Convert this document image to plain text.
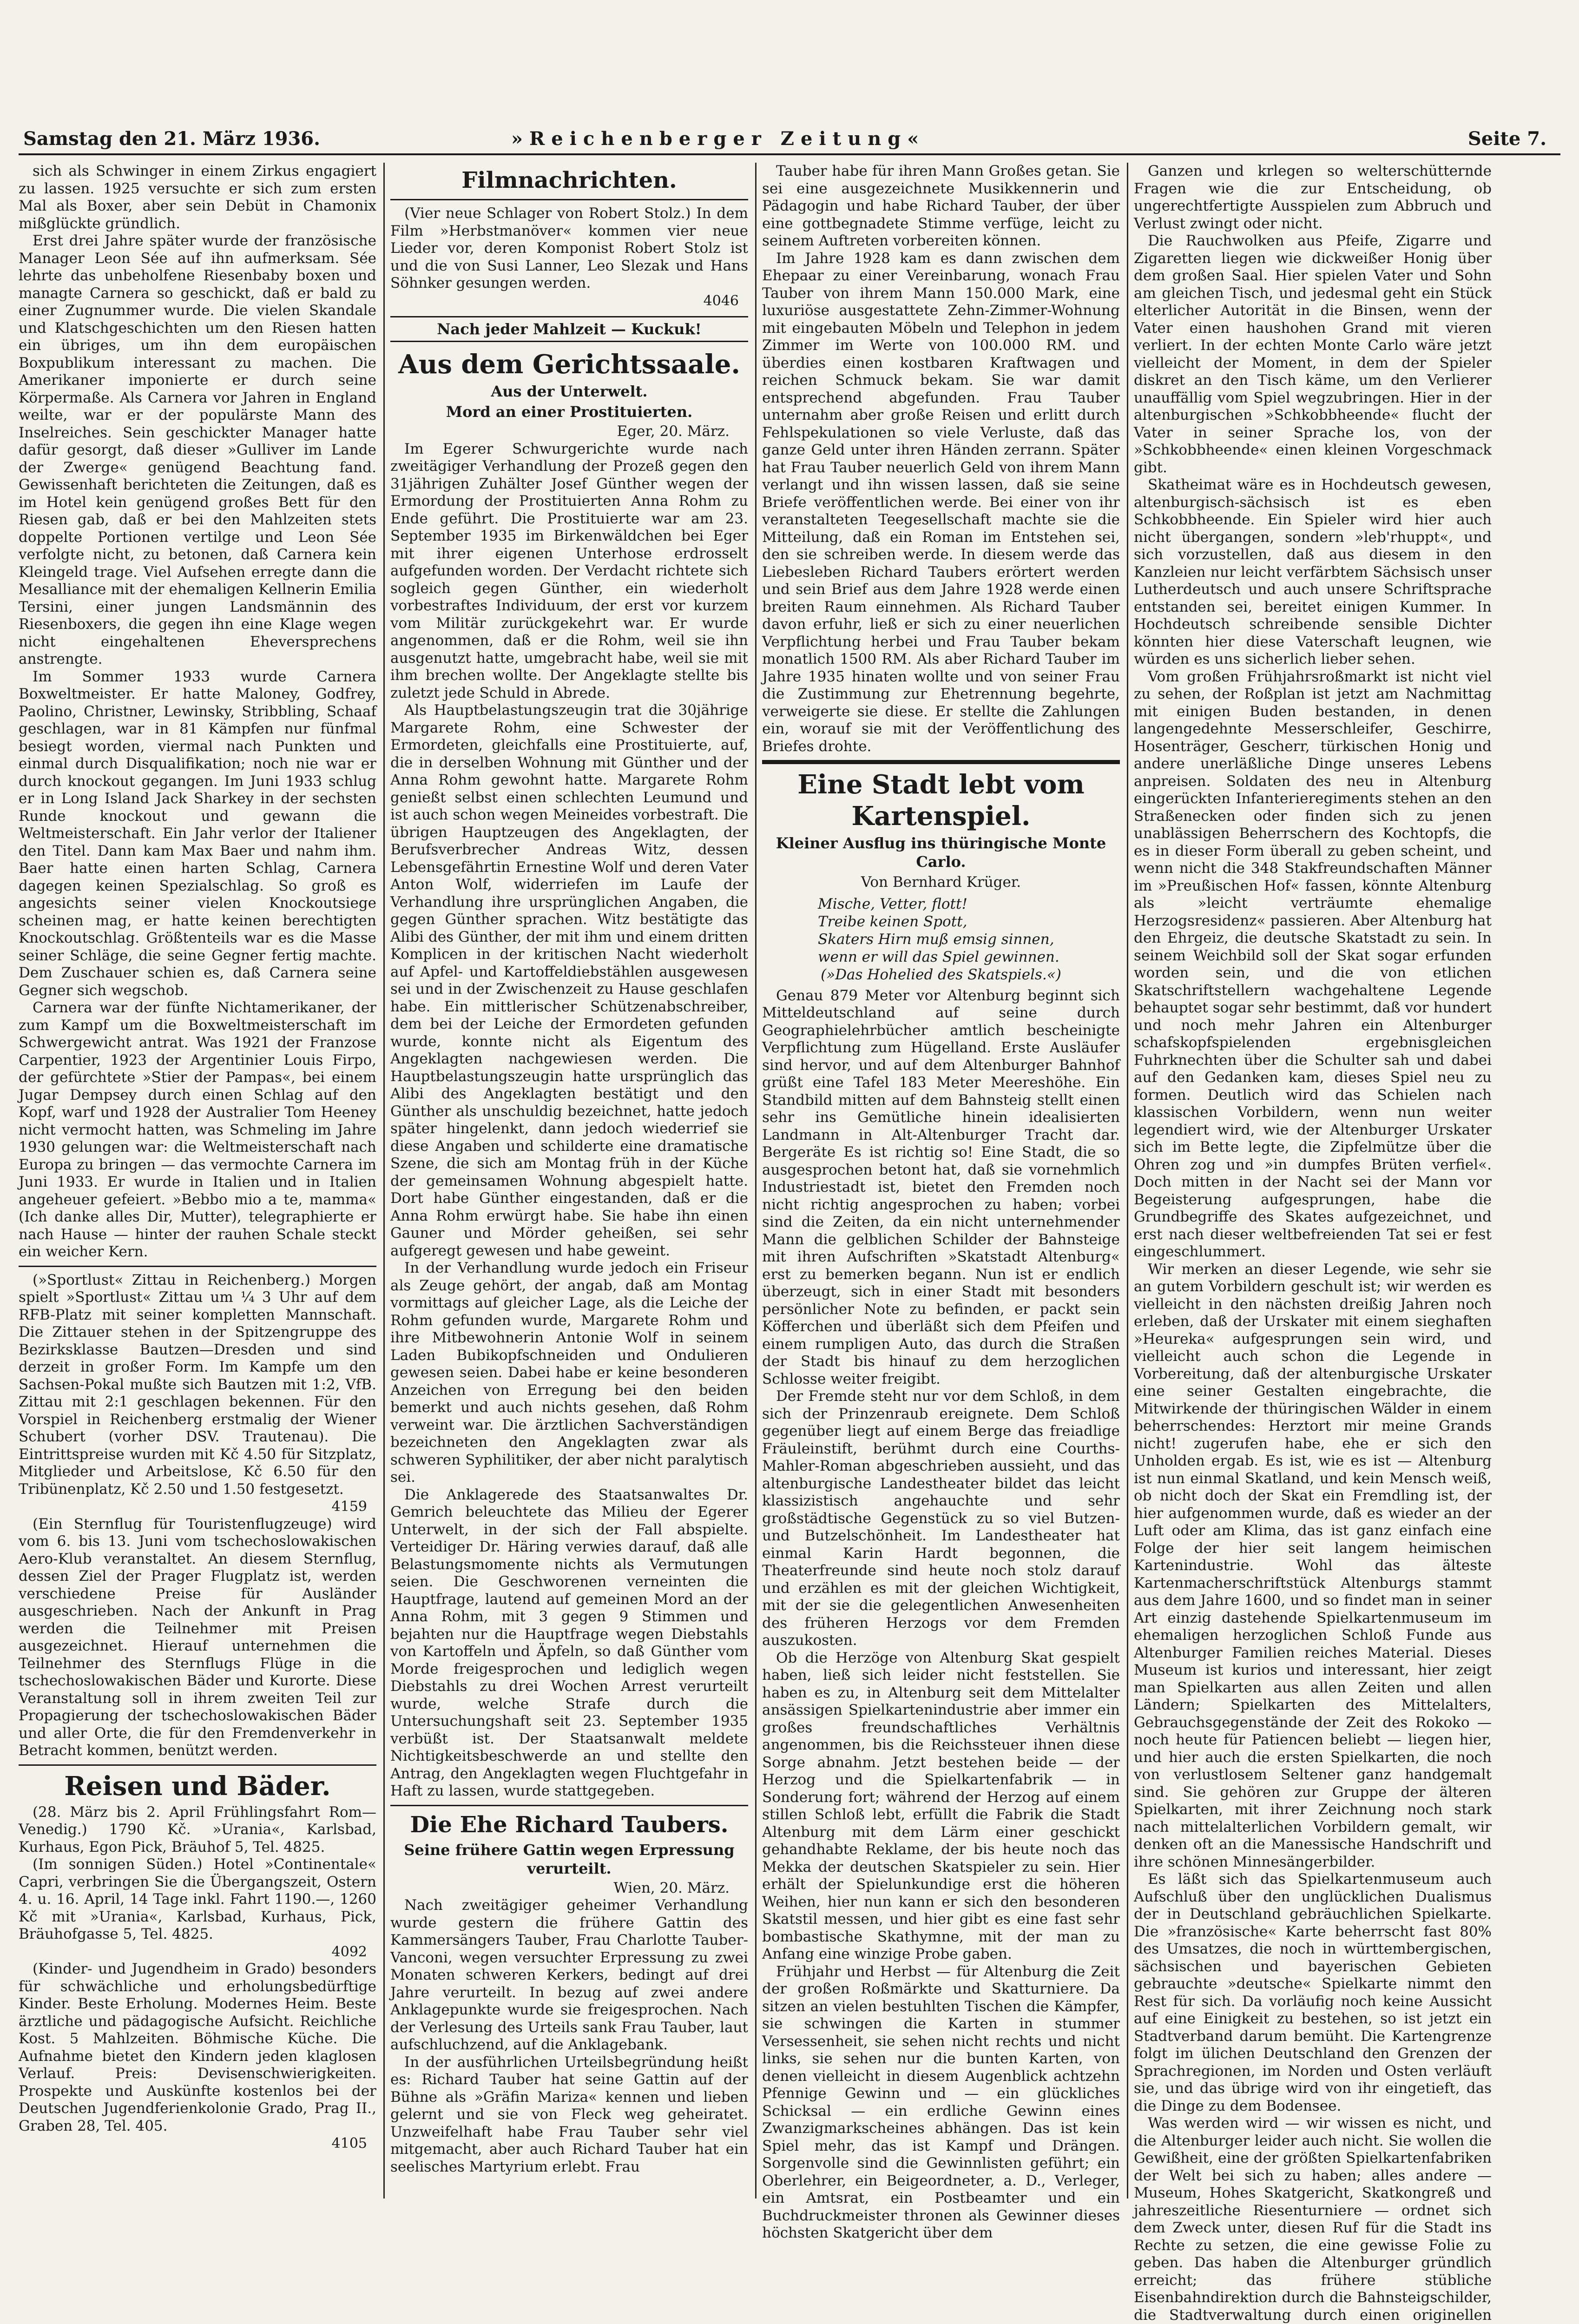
Samstag den 21. März 1936.	»Reichenberger Zeitung«	Seite 7.

sich als Schwinger in einem Zirkus engagiert zu lassen. 1925 versuchte er sich zum ersten Mal als Boxer, aber sein Debüt in Chamonix mißglückte gründlich.

Erst drei Jahre später wurde der französische Manager Leon Sée auf ihn aufmerksam. Sée lehrte das unbeholfene Riesenbaby boxen und managte Carnera so geschickt, daß er bald zu einer Zugnummer wurde. Die vielen Skandale und Klatschgeschichten um den Riesen hatten ein übriges, um ihn dem europäischen Boxpublikum interessant zu machen. Die Amerikaner imponierte er durch seine Körpermaße. Als Carnera vor Jahren in England weilte, war er der populärste Mann des Inselreiches. Sein geschickter Manager hatte dafür gesorgt, daß dieser »Gulliver im Lande der Zwerge« genügend Beachtung fand. Gewissenhaft berichteten die Zeitungen, daß es im Hotel kein genügend großes Bett für den Riesen gab, daß er bei den Mahlzeiten stets doppelte Portionen vertilge und Leon Sée verfolgte nicht, zu betonen, daß Carnera kein Kleingeld trage. Viel Aufsehen erregte dann die Mesalliance mit der ehemaligen Kellnerin Emilia Tersini, einer jungen Landsmännin des Riesenboxers, die gegen ihn eine Klage wegen nicht eingehaltenen Eheversprechens anstrengte.

Im Sommer 1933 wurde Carnera Boxweltmeister. Er hatte Maloney, Godfrey, Paolino, Christner, Lewinsky, Stribbling, Schaaf geschlagen, war in 81 Kämpfen nur fünfmal besiegt worden, viermal nach Punkten und einmal durch Disqualifikation; noch nie war er durch knockout gegangen. Im Juni 1933 schlug er in Long Island Jack Sharkey in der sechsten Runde knockout und gewann die Weltmeisterschaft. Ein Jahr verlor der Italiener den Titel. Dann kam Max Baer und nahm ihm. Baer hatte einen harten Schlag, Carnera dagegen keinen Spezialschlag. So groß es angesichts seiner vielen Knockoutsiege scheinen mag, er hatte keinen berechtigten Knockoutschlag. Größtenteils war es die Masse seiner Schläge, die seine Gegner fertig machte. Dem Zuschauer schien es, daß Carnera seine Gegner sich wegschob.

Carnera war der fünfte Nichtamerikaner, der zum Kampf um die Boxweltmeisterschaft im Schwergewicht antrat. Was 1921 der Franzose Carpentier, 1923 der Argentinier Louis Firpo, der gefürchtete »Stier der Pampas«, bei einem Jugar Dempsey durch einen Schlag auf den Kopf, warf und 1928 der Australier Tom Heeney nicht vermocht hatten, was Schmeling im Jahre 1930 gelungen war: die Weltmeisterschaft nach Europa zu bringen — das vermochte Carnera im Juni 1933. Er wurde in Italien und in Italien angeheuer gefeiert. »Bebbo mio a te, mamma« (Ich danke alles Dir, Mutter), telegraphierte er nach Hause — hinter der rauhen Schale steckt ein weicher Kern.

(»Sportlust« Zittau in Reichenberg.) Morgen spielt »Sportlust« Zittau um ¼ 3 Uhr auf dem RFB-Platz mit seiner kompletten Mannschaft. Die Zittauer stehen in der Spitzengruppe des Bezirksklasse Bautzen—Dresden und sind derzeit in großer Form. Im Kampfe um den Sachsen-Pokal mußte sich Bautzen mit 1:2, VfB. Zittau mit 2:1 geschlagen bekennen. Für den Vorspiel in Reichenberg erstmalig der Wiener Schubert (vorher DSV. Trautenau). Die Eintrittspreise wurden mit Kč 4.50 für Sitzplatz, Mitglieder und Arbeitslose, Kč 6.50 für den Tribünenplatz, Kč 2.50 und 1.50 festgesetzt.

4159

(Ein Sternflug für Touristenflugzeuge) wird vom 6. bis 13. Juni vom tschechoslowakischen Aero-Klub veranstaltet. An diesem Sternflug, dessen Ziel der Prager Flugplatz ist, werden verschiedene Preise für Ausländer ausgeschrieben. Nach der Ankunft in Prag werden die Teilnehmer mit Preisen ausgezeichnet. Hierauf unternehmen die Teilnehmer des Sternflugs Flüge in die tschechoslowakischen Bäder und Kurorte. Diese Veranstaltung soll in ihrem zweiten Teil zur Propagierung der tschechoslowakischen Bäder und aller Orte, die für den Fremdenverkehr in Betracht kommen, benützt werden.

Reisen und Bäder.

(28. März bis 2. April Frühlingsfahrt Rom—Venedig.) 1790 Kč. »Urania«, Karlsbad, Kurhaus, Egon Pick, Bräuhof 5, Tel. 4825.

(Im sonnigen Süden.) Hotel »Continentale« Capri, verbringen Sie die Übergangszeit, Ostern 4. u. 16. April, 14 Tage inkl. Fahrt 1190.—, 1260 Kč mit »Urania«, Karlsbad, Kurhaus, Pick, Bräuhofgasse 5, Tel. 4825.

4092

(Kinder- und Jugendheim in Grado) besonders für schwächliche und erholungsbedürftige Kinder. Beste Erholung. Modernes Heim. Beste ärztliche und pädagogische Aufsicht. Reichliche Kost. 5 Mahlzeiten. Böhmische Küche. Die Aufnahme bietet den Kindern jeden klaglosen Verlauf. Preis: Devisenschwierigkeiten. Prospekte und Auskünfte kostenlos bei der Deutschen Jugendferienkolonie Grado, Prag II., Graben 28, Tel. 405.

4105
Filmnachrichten.

(Vier neue Schlager von Robert Stolz.) In dem Film »Herbstmanöver« kommen vier neue Lieder vor, deren Komponist Robert Stolz ist und die von Susi Lanner, Leo Slezak und Hans Söhnker gesungen werden.

4046
Nach jeder Mahlzeit — Kuckuk!
Aus dem Gerichtssaale.
Aus der Unterwelt.
Mord an einer Prostituierten.
Eger, 20. März.

Im Egerer Schwurgerichte wurde nach zweitägiger Verhandlung der Prozeß gegen den 31jährigen Zuhälter Josef Günther wegen der Ermordung der Prostituierten Anna Rohm zu Ende geführt. Die Prostituierte war am 23. September 1935 im Birkenwäldchen bei Eger mit ihrer eigenen Unterhose erdrosselt aufgefunden worden. Der Verdacht richtete sich sogleich gegen Günther, ein wiederholt vorbestraftes Individuum, der erst vor kurzem vom Militär zurückgekehrt war. Er wurde angenommen, daß er die Rohm, weil sie ihn ausgenutzt hatte, umgebracht habe, weil sie mit ihm brechen wollte. Der Angeklagte stellte bis zuletzt jede Schuld in Abrede.

Als Hauptbelastungszeugin trat die 30jährige Margarete Rohm, eine Schwester der Ermordeten, gleichfalls eine Prostituierte, auf, die in derselben Wohnung mit Günther und der Anna Rohm gewohnt hatte. Margarete Rohm genießt selbst einen schlechten Leumund und ist auch schon wegen Meineides vorbestraft. Die übrigen Hauptzeugen des Angeklagten, der Berufsverbrecher Andreas Witz, dessen Lebensgefährtin Ernestine Wolf und deren Vater Anton Wolf, widerriefen im Laufe der Verhandlung ihre ursprünglichen Angaben, die gegen Günther sprachen. Witz bestätigte das Alibi des Günther, der mit ihm und einem dritten Komplicen in der kritischen Nacht wiederholt auf Apfel- und Kartoffeldiebstählen ausgewesen sei und in der Zwischenzeit zu Hause geschlafen habe. Ein mittlerischer Schützenabschreiber, dem bei der Leiche der Ermordeten gefunden wurde, konnte nicht als Eigentum des Angeklagten nachgewiesen werden. Die Hauptbelastungszeugin hatte ursprünglich das Alibi des Angeklagten bestätigt und den Günther als unschuldig bezeichnet, hatte jedoch später hingelenkt, dann jedoch wiederrief sie diese Angaben und schilderte eine dramatische Szene, die sich am Montag früh in der Küche der gemeinsamen Wohnung abgespielt hatte. Dort habe Günther eingestanden, daß er die Anna Rohm erwürgt habe. Sie habe ihn einen Gauner und Mörder geheißen, sei sehr aufgeregt gewesen und habe geweint.

In der Verhandlung wurde jedoch ein Friseur als Zeuge gehört, der angab, daß am Montag vormittags auf gleicher Lage, als die Leiche der Rohm gefunden wurde, Margarete Rohm und ihre Mitbewohnerin Antonie Wolf in seinem Laden Bubikopfschneiden und Ondulieren gewesen seien. Dabei habe er keine besonderen Anzeichen von Erregung bei den beiden bemerkt und auch nichts gesehen, daß Rohm verweint war. Die ärztlichen Sachverständigen bezeichneten den Angeklagten zwar als schweren Syphilitiker, der aber nicht paralytisch sei.

Die Anklagerede des Staatsanwaltes Dr. Gemrich beleuchtete das Milieu der Egerer Unterwelt, in der sich der Fall abspielte. Verteidiger Dr. Häring verwies darauf, daß alle Belastungsmomente nichts als Vermutungen seien. Die Geschworenen verneinten die Hauptfrage, lautend auf gemeinen Mord an der Anna Rohm, mit 3 gegen 9 Stimmen und bejahten nur die Hauptfrage wegen Diebstahls von Kartoffeln und Äpfeln, so daß Günther vom Morde freigesprochen und lediglich wegen Diebstahls zu drei Wochen Arrest verurteilt wurde, welche Strafe durch die Untersuchungshaft seit 23. September 1935 verbüßt ist. Der Staatsanwalt meldete Nichtigkeitsbeschwerde an und stellte den Antrag, den Angeklagten wegen Fluchtgefahr in Haft zu lassen, wurde stattgegeben.

Die Ehe Richard Taubers.
Seine frühere Gattin wegen Erpressung verurteilt.
Wien, 20. März.

Nach zweitägiger geheimer Verhandlung wurde gestern die frühere Gattin des Kammersängers Tauber, Frau Charlotte Tauber-Vanconi, wegen versuchter Erpressung zu zwei Monaten schweren Kerkers, bedingt auf drei Jahre verurteilt. In bezug auf zwei andere Anklagepunkte wurde sie freigesprochen. Nach der Verlesung des Urteils sank Frau Tauber, laut aufschluchzend, auf die Anklagebank.

In der ausführlichen Urteilsbegründung heißt es: Richard Tauber hat seine Gattin auf der Bühne als »Gräfin Mariza« kennen und lieben gelernt und sie von Fleck weg geheiratet. Unzweifelhaft habe Frau Tauber sehr viel mitgemacht, aber auch Richard Tauber hat ein seelisches Martyrium erlebt. Frau

Tauber habe für ihren Mann Großes getan. Sie sei eine ausgezeichnete Musikkennerin und Pädagogin und habe Richard Tauber, der über eine gottbegnadete Stimme verfüge, leicht zu seinem Auftreten vorbereiten können.

Im Jahre 1928 kam es dann zwischen dem Ehepaar zu einer Vereinbarung, wonach Frau Tauber von ihrem Mann 150.000 Mark, eine luxuriöse ausgestattete Zehn-Zimmer-Wohnung mit eingebauten Möbeln und Telephon in jedem Zimmer im Werte von 100.000 RM. und überdies einen kostbaren Kraftwagen und reichen Schmuck bekam. Sie war damit entsprechend abgefunden. Frau Tauber unternahm aber große Reisen und erlitt durch Fehlspekulationen so viele Verluste, daß das ganze Geld unter ihren Händen zerrann. Später hat Frau Tauber neuerlich Geld von ihrem Mann verlangt und ihn wissen lassen, daß sie seine Briefe veröffentlichen werde. Bei einer von ihr veranstalteten Teegesellschaft machte sie die Mitteilung, daß ein Roman im Entstehen sei, den sie schreiben werde. In diesem werde das Liebesleben Richard Taubers erörtert werden und sein Brief aus dem Jahre 1928 werde einen breiten Raum einnehmen. Als Richard Tauber davon erfuhr, ließ er sich zu einer neuerlichen Verpflichtung herbei und Frau Tauber bekam monatlich 1500 RM. Als aber Richard Tauber im Jahre 1935 hinaten wollte und von seiner Frau die Zustimmung zur Ehetrennung begehrte, verweigerte sie diese. Er stellte die Zahlungen ein, worauf sie mit der Veröffentlichung des Briefes drohte.

Eine Stadt lebt vom Kartenspiel.
Kleiner Ausflug ins thüringische Monte Carlo.
Von Bernhard Krüger.
Mische, Vetter, flott!
Treibe keinen Spott,
Skaters Hirn muß emsig sinnen,
wenn er will das Spiel gewinnen.
(»Das Hohelied des Skatspiels.«)

Genau 879 Meter vor Altenburg beginnt sich Mitteldeutschland auf seine durch Geographielehrbücher amtlich bescheinigte Verpflichtung zum Hügelland. Erste Ausläufer sind hervor, und auf dem Altenburger Bahnhof grüßt eine Tafel 183 Meter Meereshöhe. Ein Standbild mitten auf dem Bahnsteig stellt einen sehr ins Gemütliche hinein idealisierten Landmann in Alt-Altenburger Tracht dar. Bergeräte Es ist richtig so! Eine Stadt, die so ausgesprochen betont hat, daß sie vornehmlich Industriestadt ist, bietet den Fremden noch nicht richtig angesprochen zu haben; vorbei sind die Zeiten, da ein nicht unternehmender Mann die gelblichen Schilder der Bahnsteige mit ihren Aufschriften »Skatstadt Altenburg« erst zu bemerken begann. Nun ist er endlich überzeugt, sich in einer Stadt mit besonders persönlicher Note zu befinden, er packt sein Köfferchen und überläßt sich dem Pfeifen und einem rumpligen Auto, das durch die Straßen der Stadt bis hinauf zu dem herzoglichen Schlosse weiter freigibt.

Der Fremde steht nur vor dem Schloß, in dem sich der Prinzenraub ereignete. Dem Schloß gegenüber liegt auf einem Berge das freiadlige Fräuleinstift, berühmt durch eine Courths-Mahler-Roman abgeschrieben aussieht, und das altenburgische Landestheater bildet das leicht klassizistisch angehauchte und sehr großstädtische Gegenstück zu so viel Butzen- und Butzelschönheit. Im Landestheater hat einmal Karin Hardt begonnen, die Theaterfreunde sind heute noch stolz darauf und erzählen es mit der gleichen Wichtigkeit, mit der sie die gelegentlichen Anwesenheiten des früheren Herzogs vor dem Fremden auszukosten.

Ob die Herzöge von Altenburg Skat gespielt haben, ließ sich leider nicht feststellen. Sie haben es zu, in Altenburg seit dem Mittelalter ansässigen Spielkartenindustrie aber immer ein großes freundschaftliches Verhältnis angenommen, bis die Reichssteuer ihnen diese Sorge abnahm. Jetzt bestehen beide — der Herzog und die Spielkartenfabrik — in Sonderung fort; während der Herzog auf einem stillen Schloß lebt, erfüllt die Fabrik die Stadt Altenburg mit dem Lärm einer geschickt gehandhabte Reklame, der bis heute noch das Mekka der deutschen Skatspieler zu sein. Hier erhält der Spielunkundige erst die höheren Weihen, hier nun kann er sich den besonderen Skatstil messen, und hier gibt es eine fast sehr bombastische Skathymne, mit der man zu Anfang eine winzige Probe gaben.

Frühjahr und Herbst — für Altenburg die Zeit der großen Roßmärkte und Skatturniere. Da sitzen an vielen bestuhlten Tischen die Kämpfer, sie schwingen die Karten in stummer Versessenheit, sie sehen nicht rechts und nicht links, sie sehen nur die bunten Karten, von denen vielleicht in diesem Augenblick achtzehn Pfennige Gewinn und — ein glückliches Schicksal — ein erdliche Gewinn eines Zwanzigmarkscheines abhängen. Das ist kein Spiel mehr, das ist Kampf und Drängen. Sorgenvolle sind die Gewinnlisten geführt; ein Oberlehrer, ein Beigeordneter, a. D., Verleger, ein Amtsrat, ein Postbeamter und ein Buchdruckmeister thronen als Gewinner dieses höchsten Skatgericht über dem

Ganzen und krlegen so welterschütternde Fragen wie die zur Entscheidung, ob ungerechtfertigte Ausspielen zum Abbruch und Verlust zwingt oder nicht.

Die Rauchwolken aus Pfeife, Zigarre und Zigaretten liegen wie dickweißer Honig über dem großen Saal. Hier spielen Vater und Sohn am gleichen Tisch, und jedesmal geht ein Stück elterlicher Autorität in die Binsen, wenn der Vater einen haushohen Grand mit vieren verliert. In der echten Monte Carlo wäre jetzt vielleicht der Moment, in dem der Spieler diskret an den Tisch käme, um den Verlierer unauffällig vom Spiel wegzubringen. Hier in der altenburgischen »Schkobbheende« flucht der Vater in seiner Sprache los, von der »Schkobbheende« einen kleinen Vorgeschmack gibt.

Skatheimat wäre es in Hochdeutsch gewesen, altenburgisch-sächsisch ist es eben Schkobbheende. Ein Spieler wird hier auch nicht übergangen, sondern »leb'rhuppt«, und sich vorzustellen, daß aus diesem in den Kanzleien nur leicht verfärbtem Sächsisch unser Lutherdeutsch und auch unsere Schriftsprache entstanden sei, bereitet einigen Kummer. In Hochdeutsch schreibende sensible Dichter könnten hier diese Vaterschaft leugnen, wie würden es uns sicherlich lieber sehen.

Vom großen Frühjahrsroßmarkt ist nicht viel zu sehen, der Roßplan ist jetzt am Nachmittag mit einigen Buden bestanden, in denen langengedehnte Messerschleifer, Geschirre, Hosenträger, Gescherr, türkischen Honig und andere unerläßliche Dinge unseres Lebens anpreisen. Soldaten des neu in Altenburg eingerückten Infanterieregiments stehen an den Straßenecken oder finden sich zu jenen unablässigen Beherrschern des Kochtopfs, die es in dieser Form überall zu geben scheint, und wenn nicht die 348 Stakfreundschaften Männer im »Preußischen Hof« fassen, könnte Altenburg als »leicht verträumte ehemalige Herzogsresidenz« passieren. Aber Altenburg hat den Ehrgeiz, die deutsche Skatstadt zu sein. In seinem Weichbild soll der Skat sogar erfunden worden sein, und die von etlichen Skatschriftstellern wachgehaltene Legende behauptet sogar sehr bestimmt, daß vor hundert und noch mehr Jahren ein Altenburger schafskopfspielenden ergebnisgleichen Fuhrknechten über die Schulter sah und dabei auf den Gedanken kam, dieses Spiel neu zu formen. Deutlich wird das Schielen nach klassischen Vorbildern, wenn nun weiter legendiert wird, wie der Altenburger Urskater sich im Bette legte, die Zipfelmütze über die Ohren zog und »in dumpfes Brüten verfiel«. Doch mitten in der Nacht sei der Mann vor Begeisterung aufgesprungen, habe die Grundbegriffe des Skates aufgezeichnet, und erst nach dieser weltbefreienden Tat sei er fest eingeschlummert.

Wir merken an dieser Legende, wie sehr sie an gutem Vorbildern geschult ist; wir werden es vielleicht in den nächsten dreißig Jahren noch erleben, daß der Urskater mit einem sieghaften »Heureka« aufgesprungen sein wird, und vielleicht auch schon die Legende in Vorbereitung, daß der altenburgische Urskater eine seiner Gestalten eingebrachte, die Mitwirkende der thüringischen Wälder in einem beherrschendes: Herztort mir meine Grands nicht! zugerufen habe, ehe er sich den Unholden ergab. Es ist, wie es ist — Altenburg ist nun einmal Skatland, und kein Mensch weiß, ob nicht doch der Skat ein Fremdling ist, der hier aufgenommen wurde, daß es wieder an der Luft oder am Klima, das ist ganz einfach eine Folge der hier seit langem heimischen Kartenindustrie. Wohl das älteste Kartenmacherschriftstück Altenburgs stammt aus dem Jahre 1600, und so findet man in seiner Art einzig dastehende Spielkartenmuseum im ehemaligen herzoglichen Schloß Funde aus Altenburger Familien reiches Material. Dieses Museum ist kurios und interessant, hier zeigt man Spielkarten aus allen Zeiten und allen Ländern; Spielkarten des Mittelalters, Gebrauchsgegenstände der Zeit des Rokoko — noch heute für Patiencen beliebt — liegen hier, und hier auch die ersten Spielkarten, die noch von verlustlosem Seltener ganz handgemalt sind. Sie gehören zur Gruppe der älteren Spielkarten, mit ihrer Zeichnung noch stark nach mittelalterlichen Vorbildern gemalt, wir denken oft an die Manessische Handschrift und ihre schönen Minnesängerbilder.

Es läßt sich das Spielkartenmuseum auch Aufschluß über den unglücklichen Dualismus der in Deutschland gebräuchlichen Spielkarte. Die »französische« Karte beherrscht fast 80% des Umsatzes, die noch in württembergischen, sächsischen und bayerischen Gebieten gebrauchte »deutsche« Spielkarte nimmt den Rest für sich. Da vorläufig noch keine Aussicht auf eine Einigkeit zu bestehen, so ist jetzt ein Stadtverband darum bemüht. Die Kartengrenze folgt im ülichen Deutschland den Grenzen der Sprachregionen, im Norden und Osten verläuft sie, und das übrige wird von ihr eingetieft, das die Dinge zu dem Bodensee.

Was werden wird — wir wissen es nicht, und die Altenburger leider auch nicht. Sie wollen die Gewißheit, eine der größten Spielkartenfabriken der Welt bei sich zu haben; alles andere — Museum, Hohes Skatgericht, Skatkongreß und jahreszeitliche Riesenturniere — ordnet sich dem Zweck unter, diesen Ruf für die Stadt ins Rechte zu setzen, die eine gewisse Folie zu geben. Das haben die Altenburger gründlich erreicht; das frühere stübliche Eisenbahndirektion durch die Bahnsteigschilder, die Stadtverwaltung durch einen originellen
